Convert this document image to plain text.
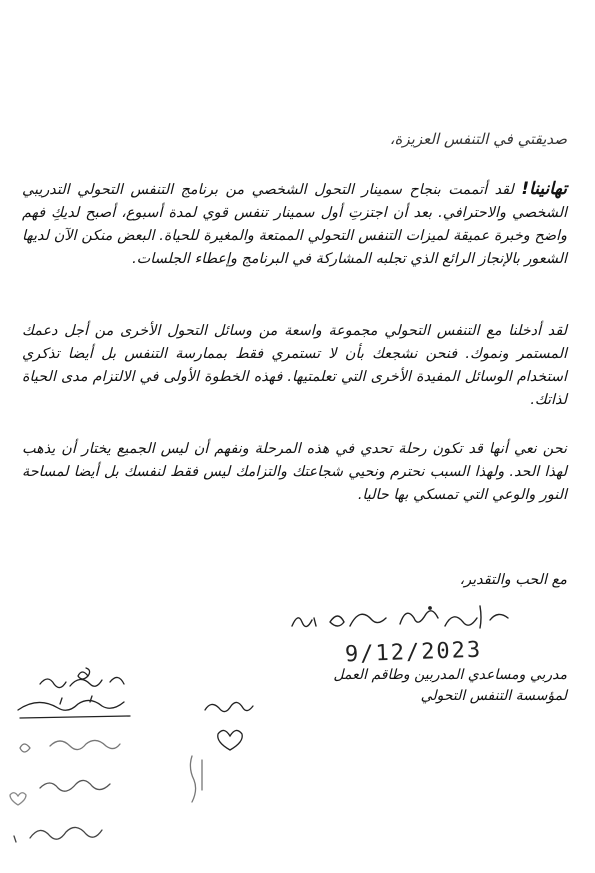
صديقتي في التنفس العزيزة،
تهانينا! لقد أتممت بنجاح سمينار التحول الشخصي من برنامج التنفس التحولي التدريبي الشخصي والاحترافي. بعد أن اجتزتِ أول سمينار تنفس قوي لمدة أسبوع، أصبح لديكِ فهم واضح وخبرة عميقة لميزات التنفس التحولي الممتعة والمغيرة للحياة. البعض منكن الآن لديها الشعور بالإنجاز الرائع الذي تجلبه المشاركة في البرنامج وإعطاء الجلسات.
لقد أدخلنا مع التنفس التحولي مجموعة واسعة من وسائل التحول الأخرى من أجل دعمك المستمر ونموك. فنحن نشجعك بأن لا تستمري فقط بممارسة التنفس بل أيضا تذكري استخدام الوسائل المفيدة الأخرى التي تعلمتيها. فهذه الخطوة الأولى في الالتزام مدى الحياة لذاتك.
نحن نعي أنها قد تكون رحلة تحدي في هذه المرحلة ونفهم أن ليس الجميع يختار أن يذهب لهذا الحد. ولهذا السبب نحترم ونحيي شجاعتك والتزامك ليس فقط لنفسك بل أيضا لمساحة النور والوعي التي تمسكي بها حاليا.
مع الحب والتقدير،
9/12/2023
مدربي ومساعدي المدربين وطاقم العمل
لمؤسسة التنفس التحولي
